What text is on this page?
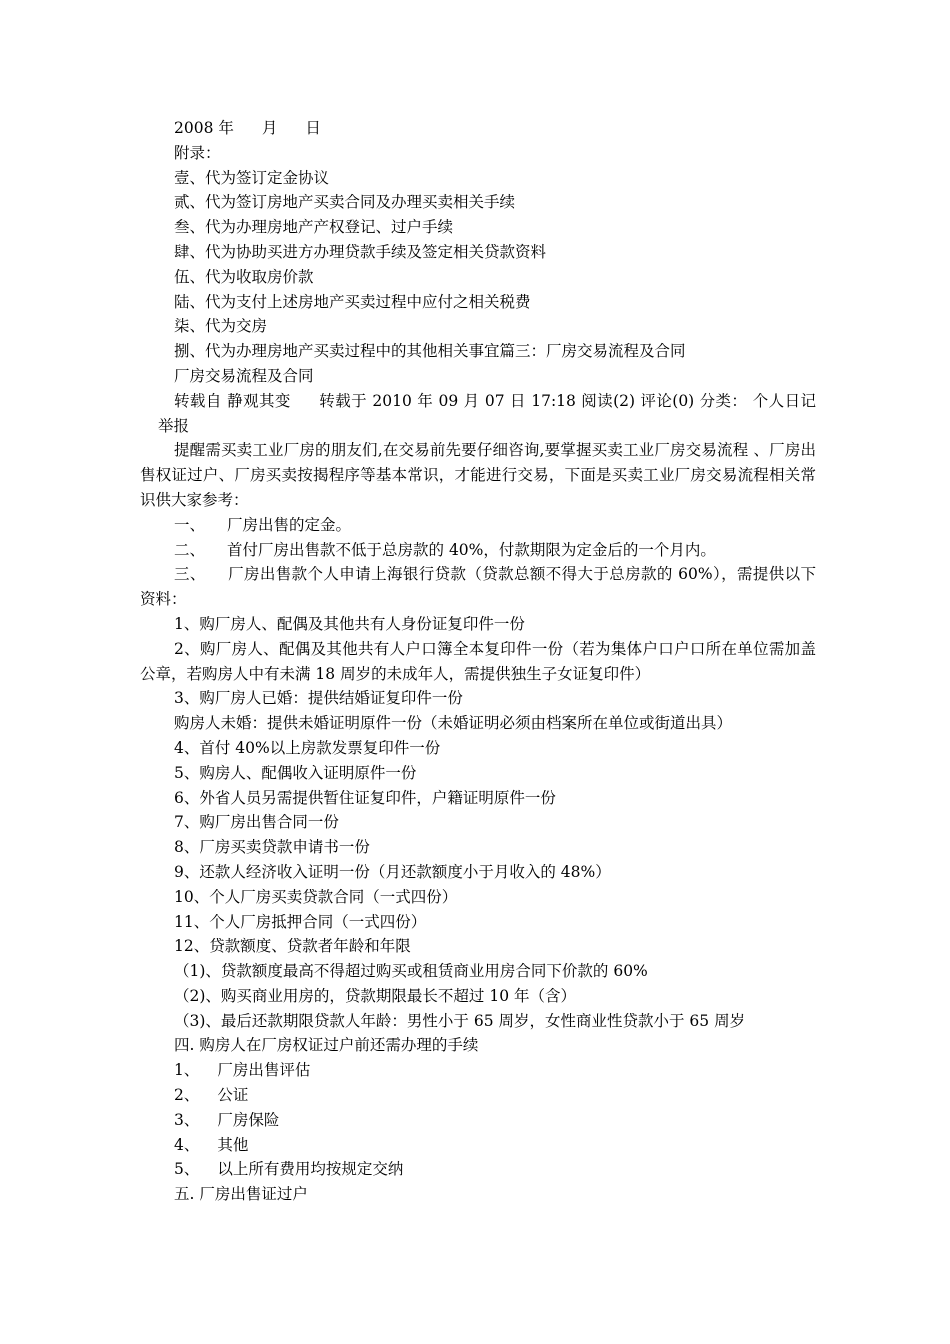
2008 年 月 日
附录：
壹、代为签订定金协议
贰、代为签订房地产买卖合同及办理买卖相关手续
叁、代为办理房地产产权登记、过户手续
肆、代为协助买进方办理贷款手续及签定相关贷款资料
伍、代为收取房价款
陆、代为支付上述房地产买卖过程中应付之相关税费
柒、代为交房
捌、代为办理房地产买卖过程中的其他相关事宜篇三：厂房交易流程及合同
厂房交易流程及合同
转载自 静观其变 转载于 2010 年 09 月 07 日 17:18 阅读(2) 评论(0) 分类： 个人日记举报
提醒需买卖工业厂房的朋友们,在交易前先要仔细咨询,要掌握买卖工业厂房交易流程 、厂房出售权证过户、厂房买卖按揭程序等基本常识，才能进行交易，下面是买卖工业厂房交易流程相关常识供大家参考：
一、 厂房出售的定金。
二、 首付厂房出售款不低于总房款的 40%，付款期限为定金后的一个月内。
三、 厂房出售款个人申请上海银行贷款（贷款总额不得大于总房款的 60%），需提供以下资料：
1、购厂房人、配偶及其他共有人身份证复印件一份
2、购厂房人、配偶及其他共有人户口簿全本复印件一份（若为集体户口户口所在单位需加盖公章，若购房人中有未满 18 周岁的未成年人，需提供独生子女证复印件）
3、购厂房人已婚：提供结婚证复印件一份
购房人未婚：提供未婚证明原件一份（未婚证明必须由档案所在单位或街道出具）
4、首付 40%以上房款发票复印件一份
5、购房人、配偶收入证明原件一份
6、外省人员另需提供暂住证复印件，户籍证明原件一份
7、购厂房出售合同一份
8、厂房买卖贷款申请书一份
9、还款人经济收入证明一份（月还款额度小于月收入的 48%）
10、个人厂房买卖贷款合同（一式四份）
11、个人厂房抵押合同（一式四份）
12、贷款额度、贷款者年龄和年限
（1)、贷款额度最高不得超过购买或租赁商业用房合同下价款的 60%
（2)、购买商业用房的，贷款期限最长不超过 10 年（含）
（3)、最后还款期限贷款人年龄：男性小于 65 周岁，女性商业性贷款小于 65 周岁
四. 购房人在厂房权证过户前还需办理的手续
1、 厂房出售评估
2、 公证
3、 厂房保险
4、 其他
5、 以上所有费用均按规定交纳
五. 厂房出售证过户
